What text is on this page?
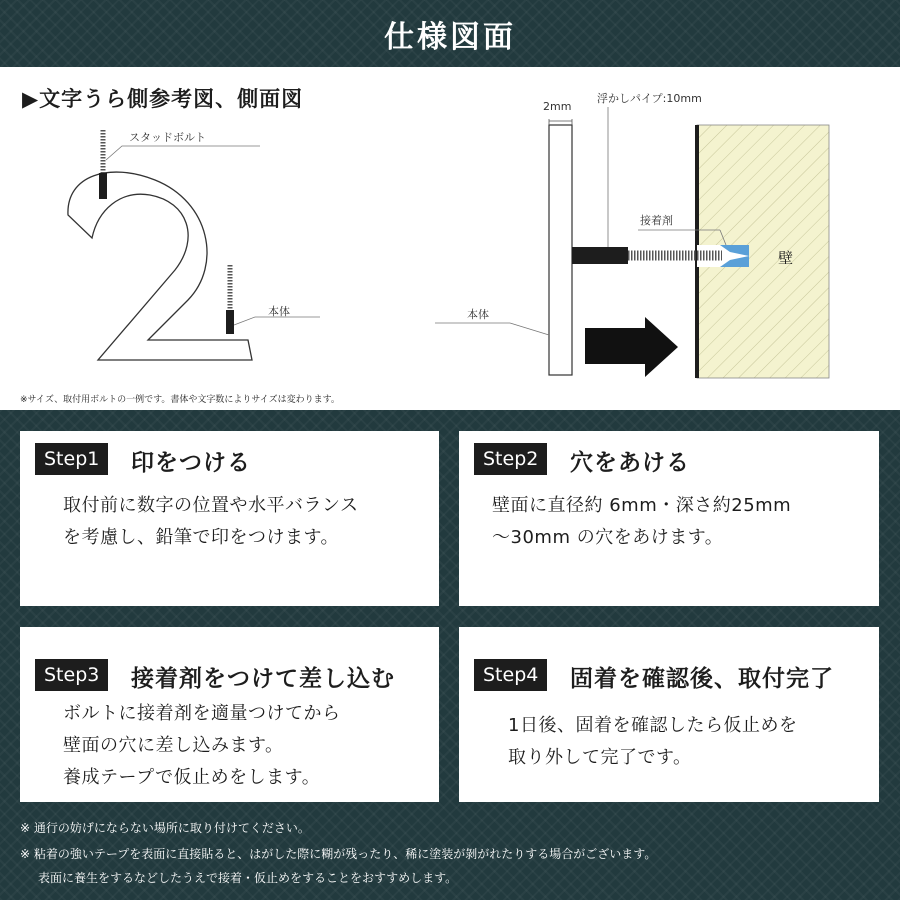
仕様図面
▶文字うら側参考図、側面図
スタッドボルト
本体
2mm
浮かしパイプ:10mm
接着剤
壁
本体
※サイズ、取付用ボルトの一例です。書体や文字数によりサイズは変わります。
Step1	印をつける
取付前に数字の位置や水平バランス
を考慮し、鉛筆で印をつけます。
Step2	穴をあける
壁面に直径約 6mm・深さ約25mm
〜30mm の穴をあけます。
Step3	接着剤をつけて差し込む
ボルトに接着剤を適量つけてから
壁面の穴に差し込みます。
養成テープで仮止めをします。
Step4	固着を確認後、取付完了
1日後、固着を確認したら仮止めを
取り外して完了です。
※ 通行の妨げにならない場所に取り付けてください。
※ 粘着の強いテープを表面に直接貼ると、はがした際に糊が残ったり、稀に塗装が剝がれたりする場合がございます。
表面に養生をするなどしたうえで接着・仮止めをすることをおすすめします。
